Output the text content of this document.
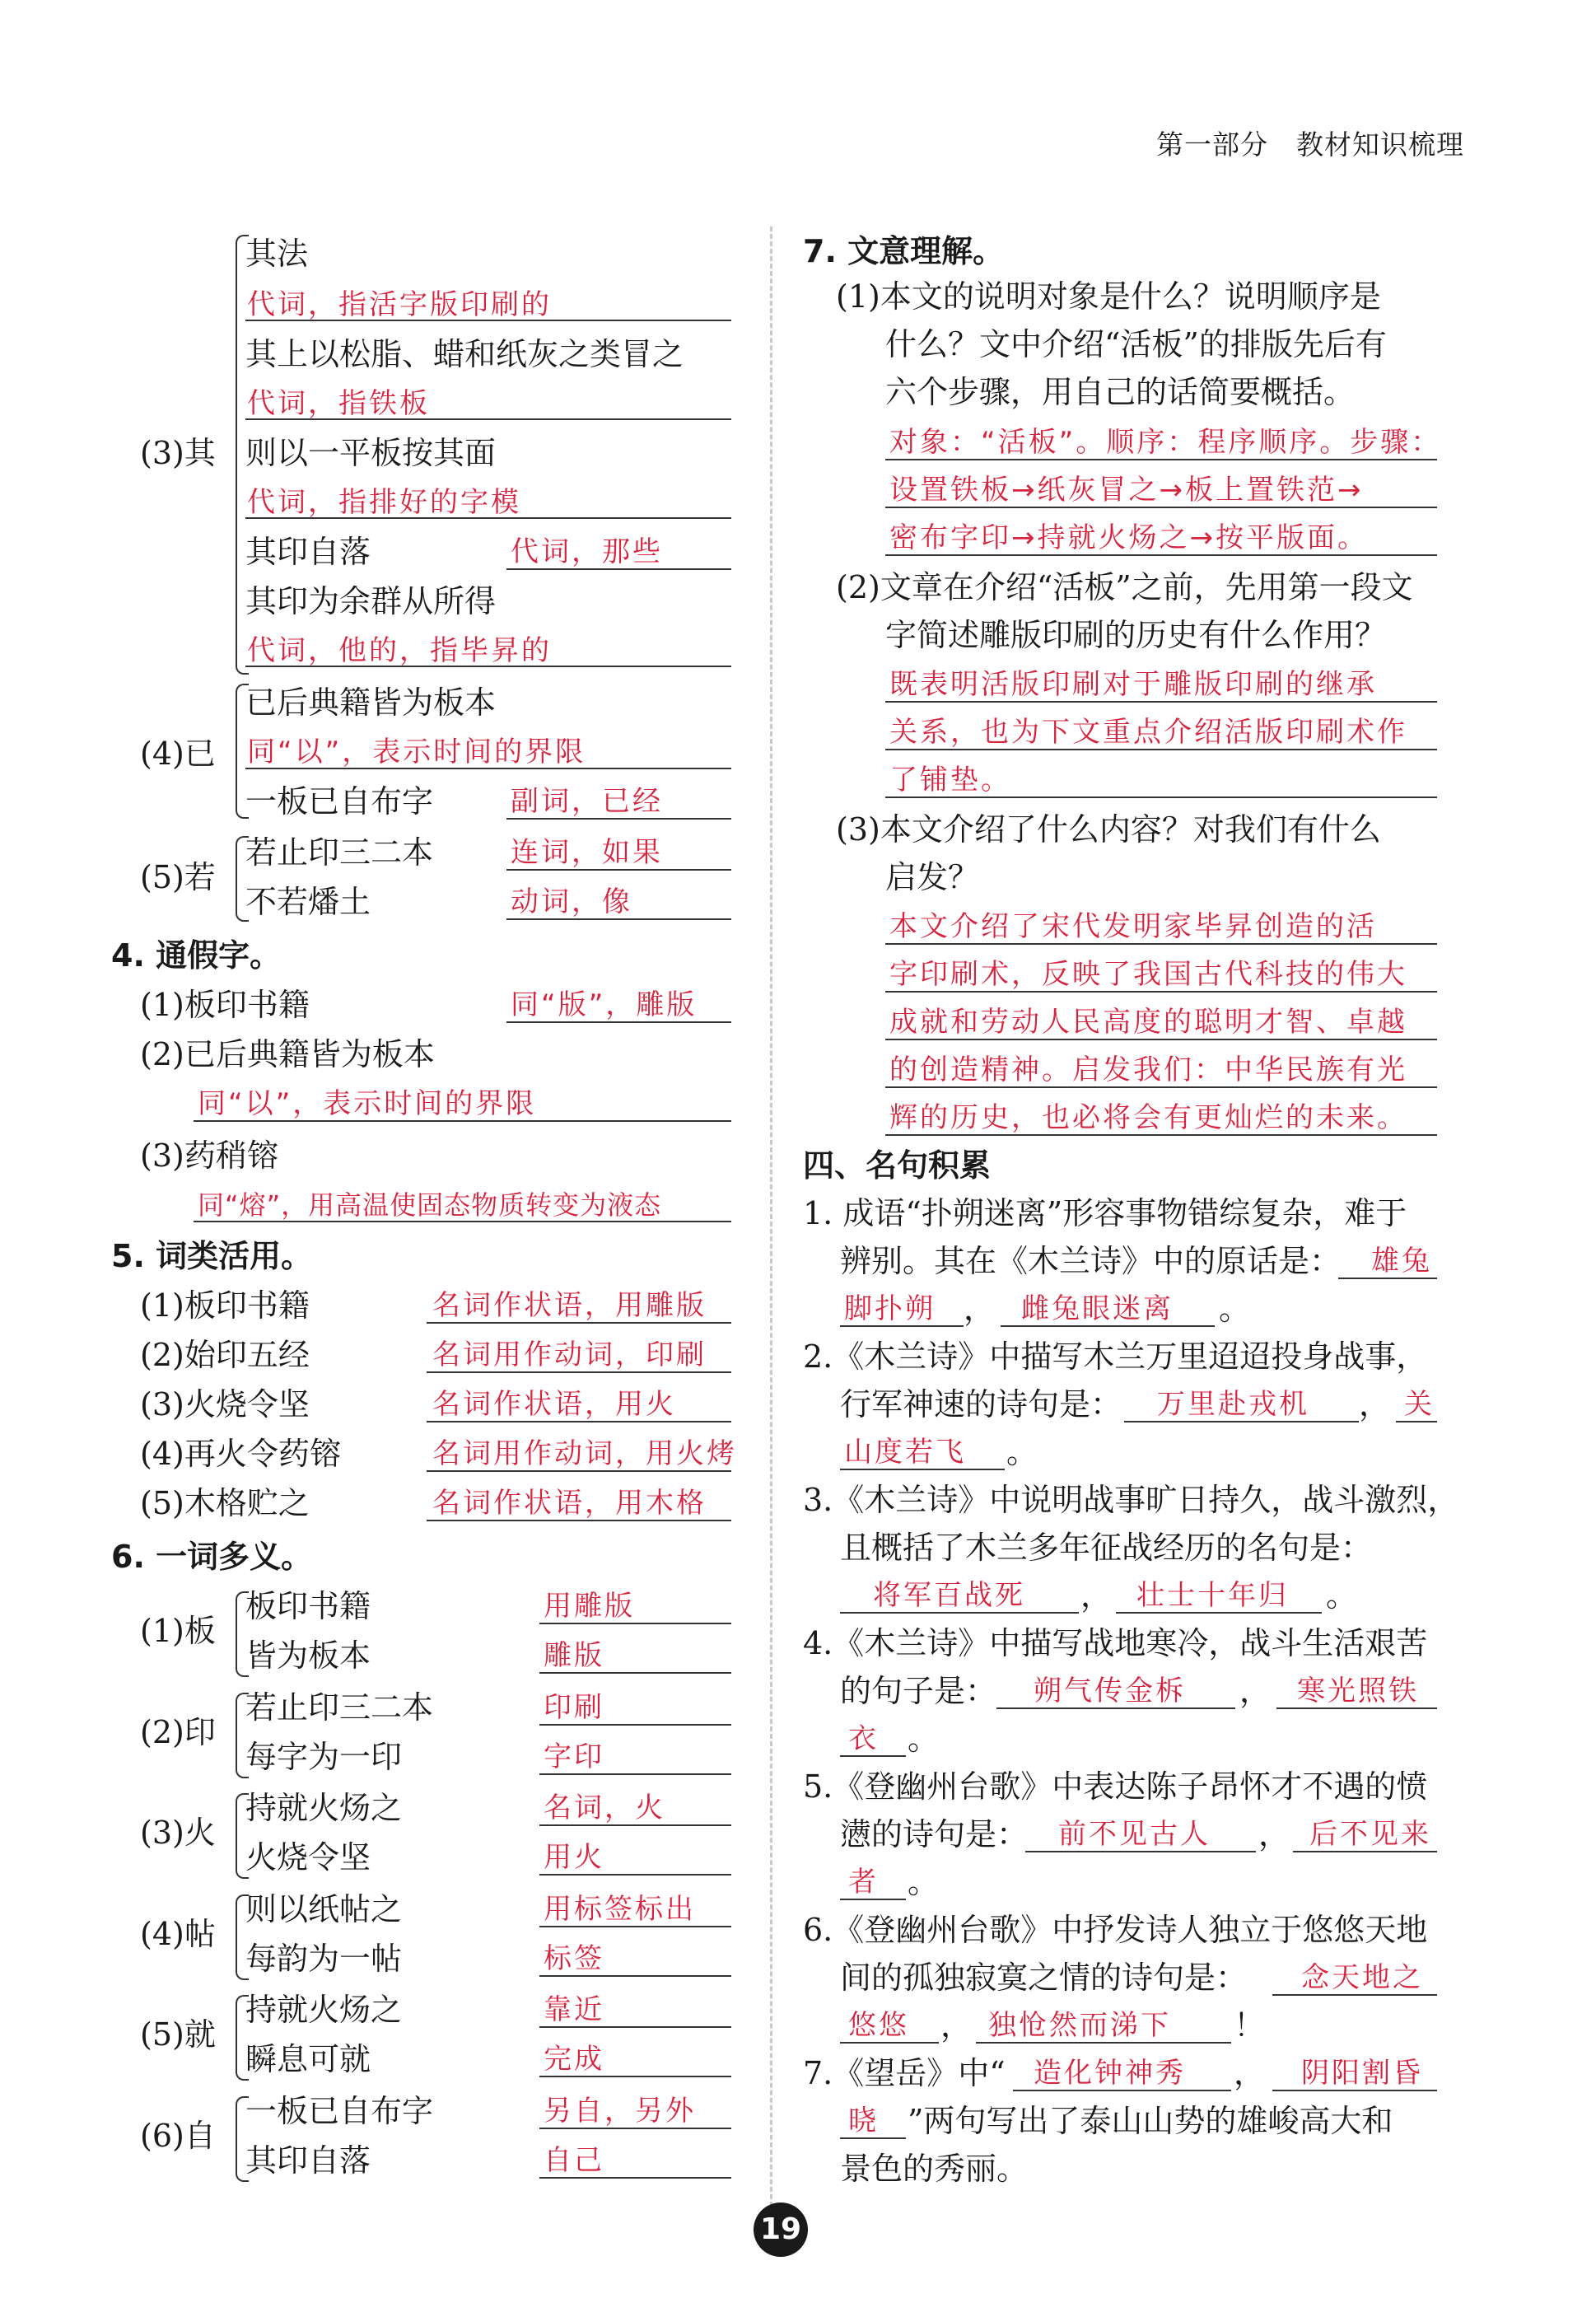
第一部分　教材知识梳理
(3)其
其法
代词，指活字版印刷的
其上以松脂、蜡和纸灰之类冒之
代词，指铁板
则以一平板按其面
代词，指排好的字模
其印自落	代词，那些
其印为余群从所得
代词，他的，指毕昇的
(4)已
已后典籍皆为板本
同“以”，表示时间的界限
一板已自布字	副词，已经
(5)若
若止印三二本	连词，如果
不若燔土	动词，像
4. 通假字。
(1)板印书籍	同“版”，雕版
(2)已后典籍皆为板本
同“以”，表示时间的界限
(3)药稍镕
同“熔”，用高温使固态物质转变为液态
5. 词类活用。
(1)板印书籍	名词作状语，用雕版
(2)始印五经	名词用作动词，印刷
(3)火烧令坚	名词作状语，用火
(4)再火令药镕	名词用作动词，用火烤
(5)木格贮之	名词作状语，用木格
6. 一词多义。
(1)板
板印书籍	用雕版
皆为板本	雕版
(2)印
若止印三二本	印刷
每字为一印	字印
(3)火
持就火炀之	名词，火
火烧令坚	用火
(4)帖
则以纸帖之	用标签标出
每韵为一帖	标签
(5)就
持就火炀之	靠近
瞬息可就	完成
(6)自
一板已自布字	另自，另外
其印自落	自己
7. 文意理解。
(1)本文的说明对象是什么？说明顺序是
什么？文中介绍“活板”的排版先后有
六个步骤，用自己的话简要概括。
对象：“活板”。顺序：程序顺序。步骤：
设置铁板→纸灰冒之→板上置铁范→
密布字印→持就火炀之→按平版面。
(2)文章在介绍“活板”之前，先用第一段文
字简述雕版印刷的历史有什么作用？
既表明活版印刷对于雕版印刷的继承
关系，也为下文重点介绍活版印刷术作
了铺垫。
(3)本文介绍了什么内容？对我们有什么
启发？
本文介绍了宋代发明家毕昇创造的活
字印刷术，反映了我国古代科技的伟大
成就和劳动人民高度的聪明才智、卓越
的创造精神。启发我们：中华民族有光
辉的历史，也必将会有更灿烂的未来。
四、名句积累
1. 成语“扑朔迷离”形容事物错综复杂，难于
辨别。其在《木兰诗》中的原话是： 雄兔
脚扑朔 ， 雌兔眼迷离 。
2.《木兰诗》中描写木兰万里迢迢投身战事，
行军神速的诗句是： 万里赴戎机 ， 关
山度若飞 。
3.《木兰诗》中说明战事旷日持久，战斗激烈，
且概括了木兰多年征战经历的名句是：
将军百战死 ， 壮士十年归 。
4.《木兰诗》中描写战地寒冷，战斗生活艰苦
的句子是： 朔气传金柝 ， 寒光照铁
衣 。
5.《登幽州台歌》中表达陈子昂怀才不遇的愤
懑的诗句是： 前不见古人 ， 后不见来
者 。
6.《登幽州台歌》中抒发诗人独立于悠悠天地
间的孤独寂寞之情的诗句是： 念天地之
悠悠 ， 独怆然而涕下 ！
7.《望岳》中“ 造化钟神秀 ， 阴阳割昏
晓 ”两句写出了泰山山势的雄峻高大和
景色的秀丽。
19
